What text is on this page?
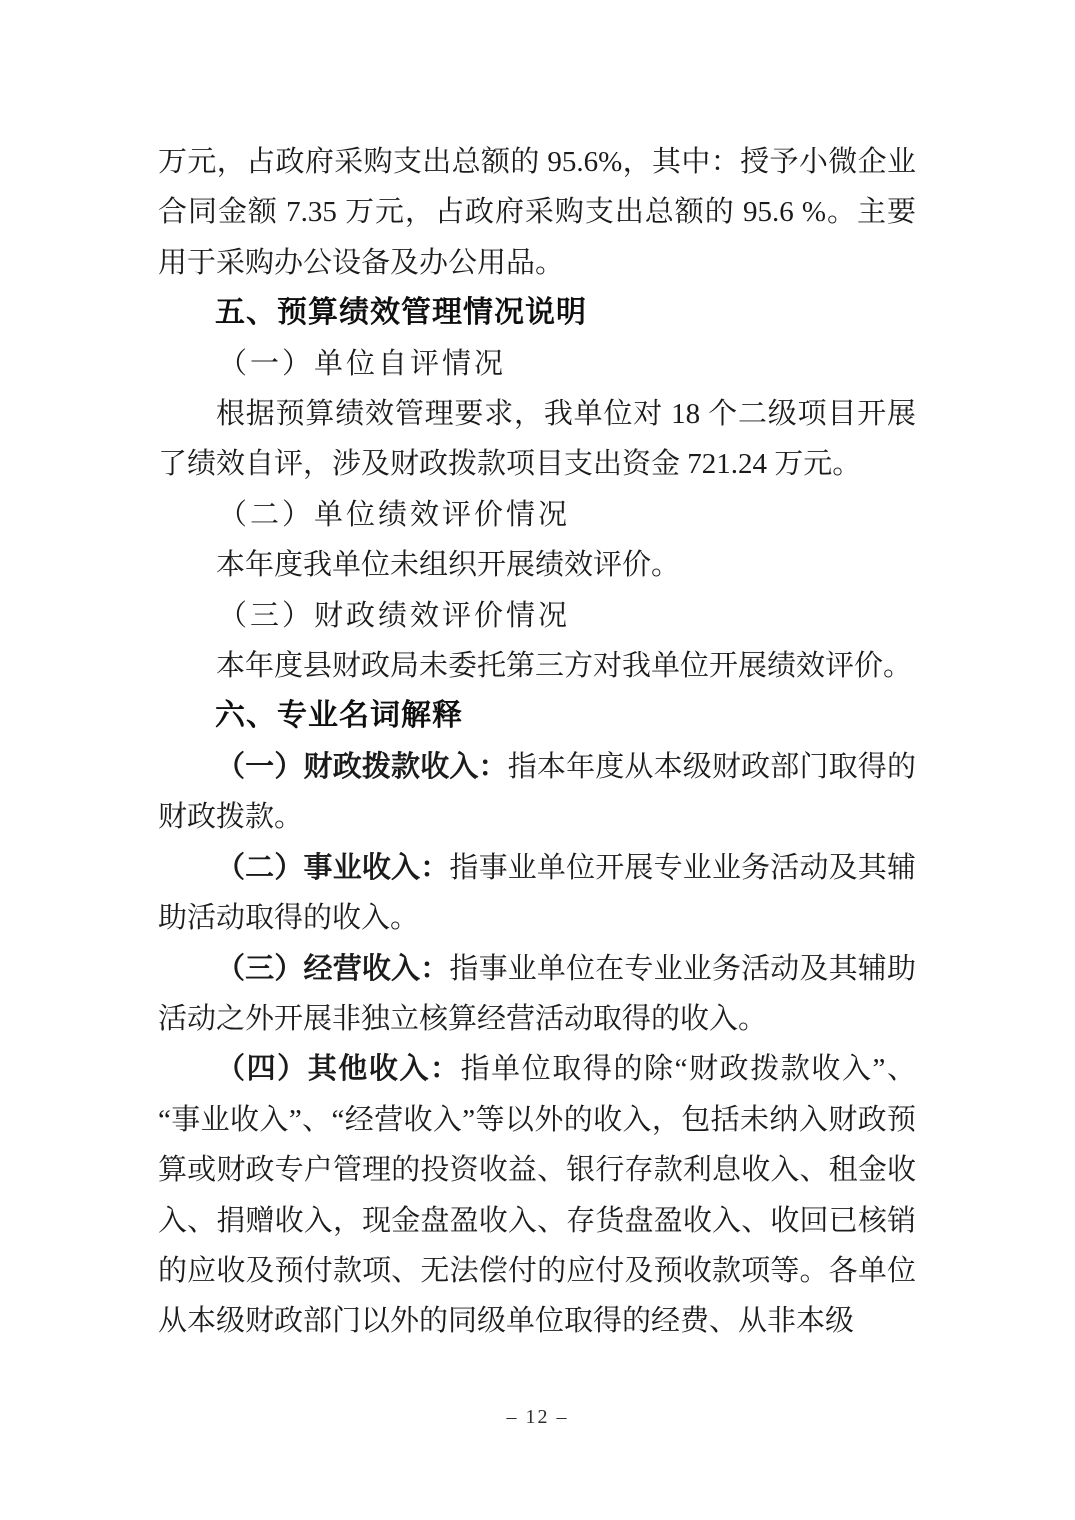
万元，占政府采购支出总额的 95.6%，其中：授予小微企业合同金额 7.35 万元，占政府采购支出总额的 95.6 %。主要用于采购办公设备及办公用品。

五、预算绩效管理情况说明

（一）单位自评情况

根据预算绩效管理要求，我单位对 18 个二级项目开展了绩效自评，涉及财政拨款项目支出资金 721.24 万元。

（二）单位绩效评价情况

本年度我单位未组织开展绩效评价。

（三）财政绩效评价情况

本年度县财政局未委托第三方对我单位开展绩效评价。

六、专业名词解释

（一）财政拨款收入：指本年度从本级财政部门取得的财政拨款。

（二）事业收入：指事业单位开展专业业务活动及其辅助活动取得的收入。

（三）经营收入：指事业单位在专业业务活动及其辅助活动之外开展非独立核算经营活动取得的收入。

（四）其他收入：指单位取得的除“财政拨款收入”、“事业收入”、“经营收入”等以外的收入，包括未纳入财政预算或财政专户管理的投资收益、银行存款利息收入、租金收入、捐赠收入，现金盘盈收入、存货盘盈收入、收回已核销的应收及预付款项、无法偿付的应付及预收款项等。各单位从本级财政部门以外的同级单位取得的经费、从非本级

– 12 –
